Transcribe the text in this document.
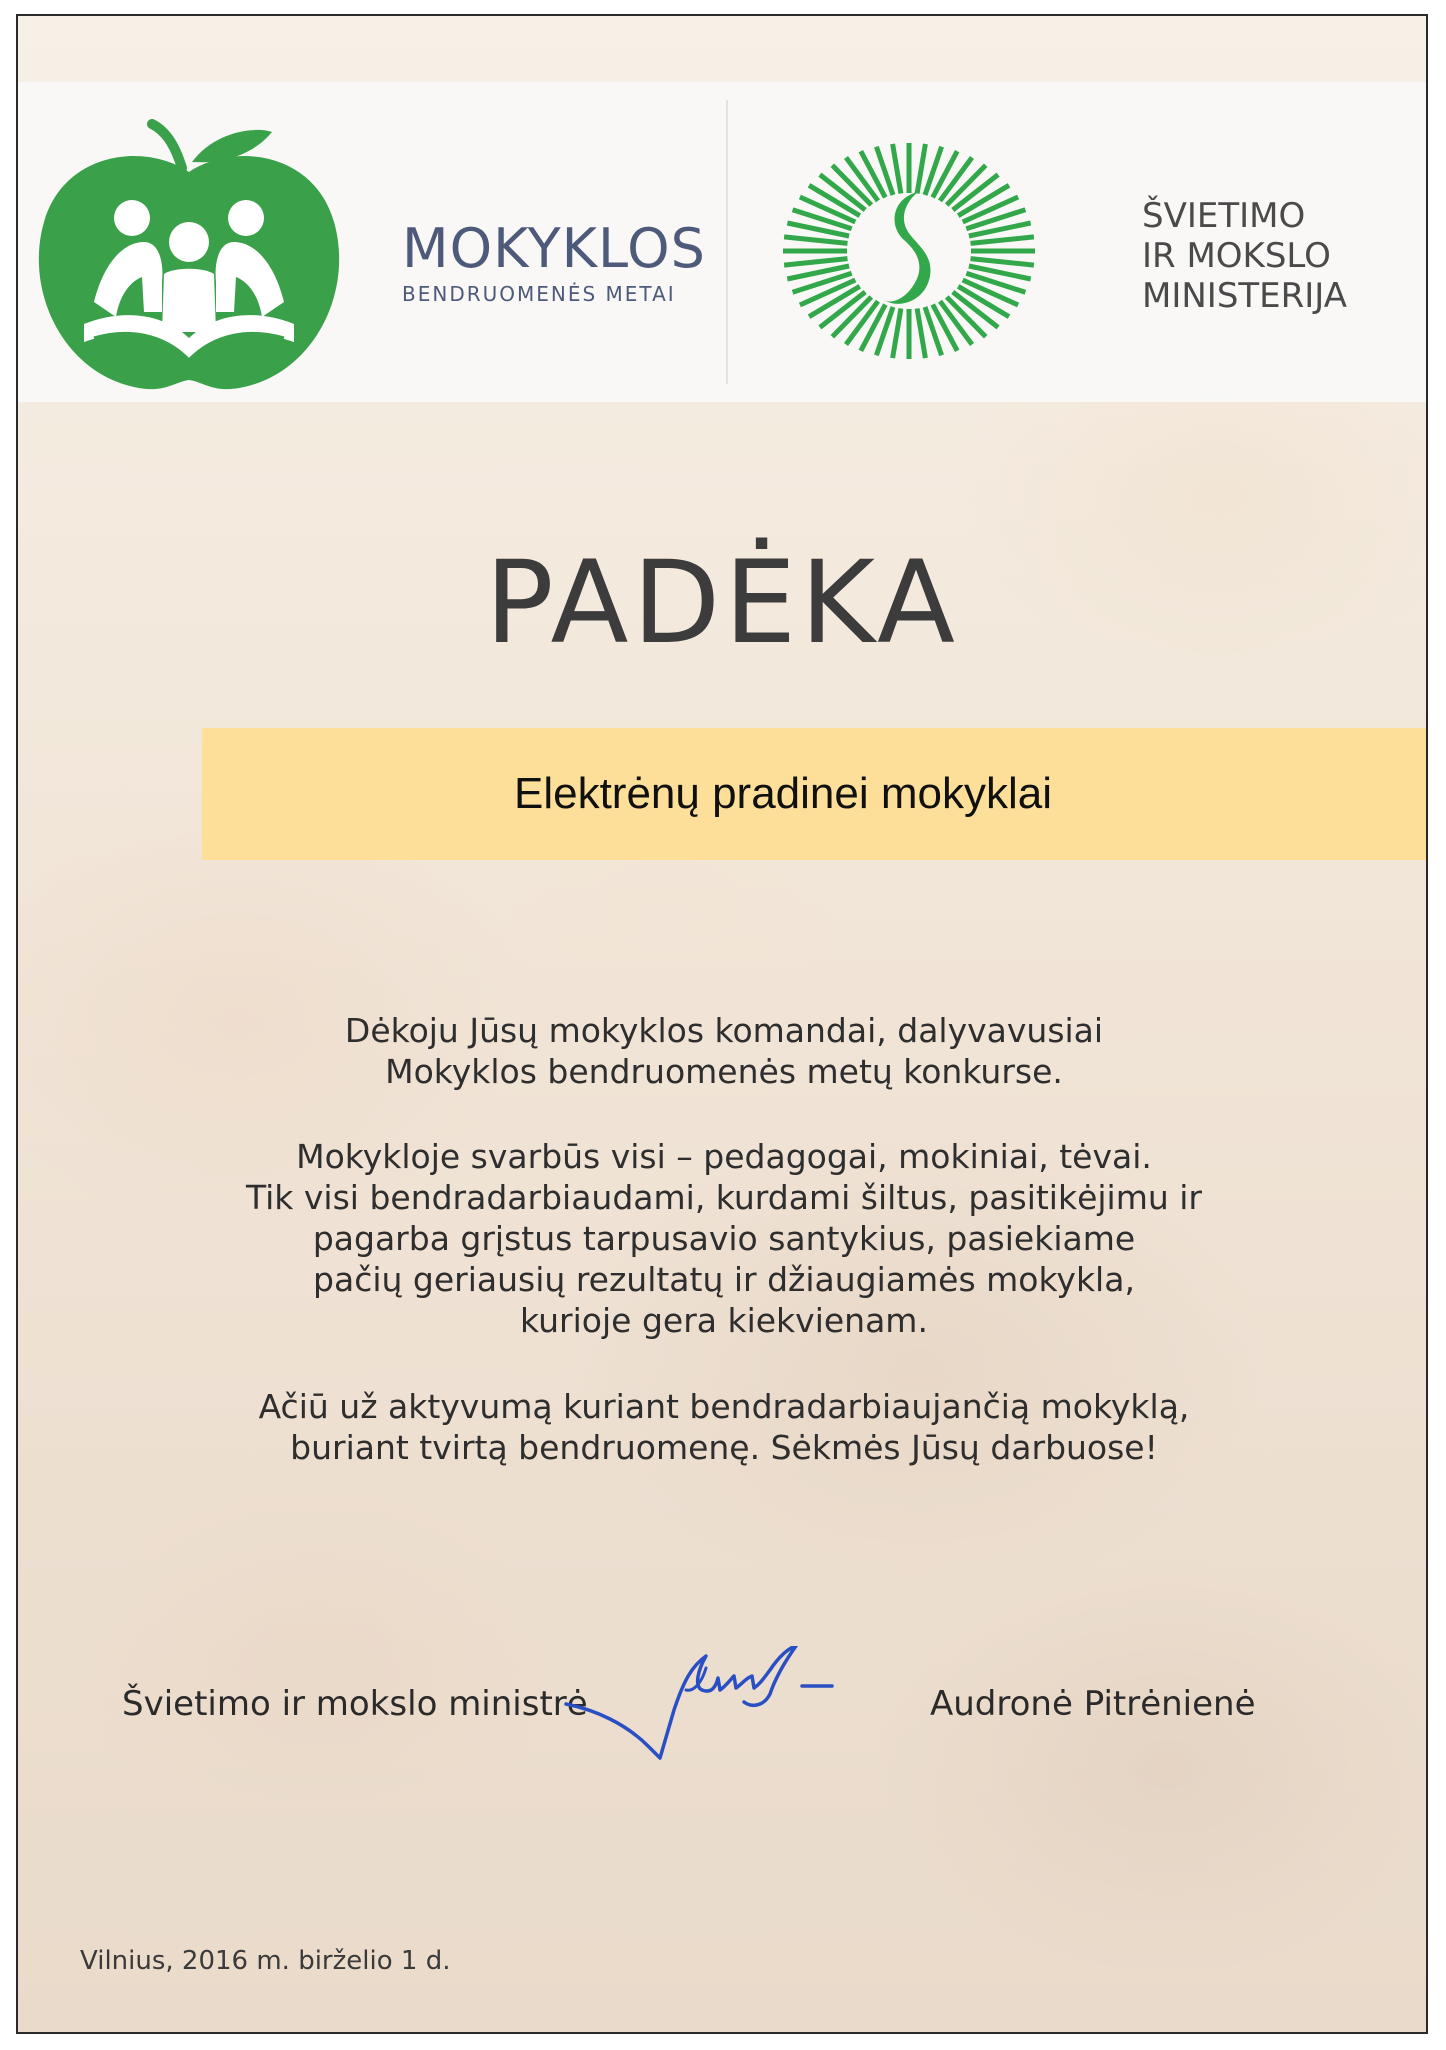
MOKYKLOS
BENDRUOMENĖS METAI
ŠVIETIMO
IR MOKSLO
MINISTERIJA
PADĖKA
Elektrėnų pradinei mokyklai

Dėkoju Jūsų mokyklos komandai, dalyvavusiai

Mokyklos bendruomenės metų konkurse.

Mokykloje svarbūs visi – pedagogai, mokiniai, tėvai.

Tik visi bendradarbiaudami, kurdami šiltus, pasitikėjimu ir

pagarba grįstus tarpusavio santykius, pasiekiame

pačių geriausių rezultatų ir džiaugiamės mokykla,

kurioje gera kiekvienam.

Ačiū už aktyvumą kuriant bendradarbiaujančią mokyklą,

buriant tvirtą bendruomenę. Sėkmės Jūsų darbuose!

Švietimo ir mokslo ministrė	Audronė Pitrėnienė
Vilnius, 2016 m. birželio 1 d.
